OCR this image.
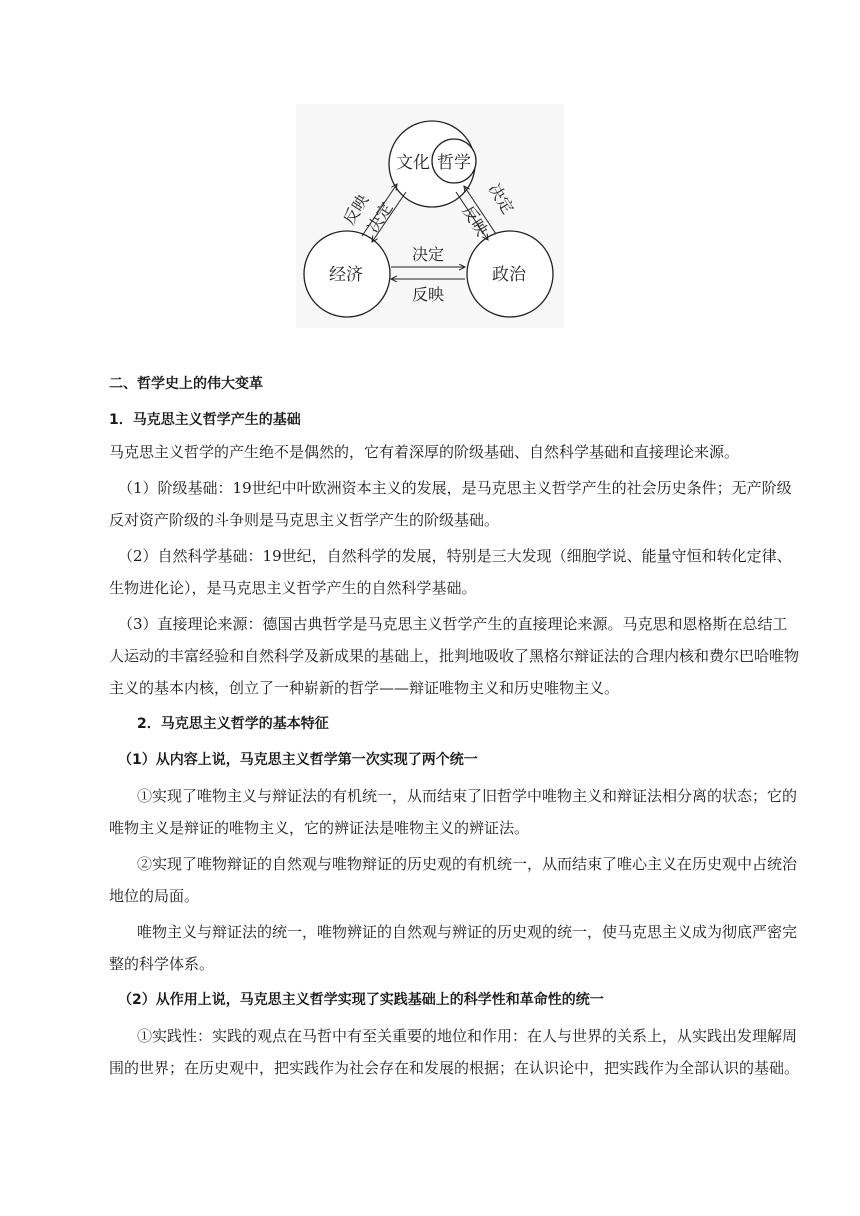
文化 哲学
经济	政治
反映
决定	反映
决定
决定
反映
二、哲学史上的伟大变革
1．马克思主义哲学产生的基础
马克思主义哲学的产生绝不是偶然的，它有着深厚的阶级基础、自然科学基础和直接理论来源。
（1）阶级基础：19世纪中叶欧洲资本主义的发展，是马克思主义哲学产生的社会历史条件；无产阶级
反对资产阶级的斗争则是马克思主义哲学产生的阶级基础。
（2）自然科学基础：19世纪，自然科学的发展，特别是三大发现（细胞学说、能量守恒和转化定律、
生物进化论），是马克思主义哲学产生的自然科学基础。
（3）直接理论来源：德国古典哲学是马克思主义哲学产生的直接理论来源。马克思和恩格斯在总结工
人运动的丰富经验和自然科学及新成果的基础上，批判地吸收了黑格尔辩证法的合理内核和费尔巴哈唯物
主义的基本内核，创立了一种崭新的哲学——辩证唯物主义和历史唯物主义。
2．马克思主义哲学的基本特征
（1）从内容上说，马克思主义哲学第一次实现了两个统一
①实现了唯物主义与辩证法的有机统一，从而结束了旧哲学中唯物主义和辩证法相分离的状态；它的
唯物主义是辩证的唯物主义，它的辨证法是唯物主义的辨证法。
②实现了唯物辩证的自然观与唯物辩证的历史观的有机统一，从而结束了唯心主义在历史观中占统治
地位的局面。
唯物主义与辩证法的统一，唯物辨证的自然观与辨证的历史观的统一，使马克思主义成为彻底严密完
整的科学体系。
（2）从作用上说，马克思主义哲学实现了实践基础上的科学性和革命性的统一
①实践性：实践的观点在马哲中有至关重要的地位和作用：在人与世界的关系上，从实践出发理解周
围的世界；在历史观中，把实践作为社会存在和发展的根据；在认识论中，把实践作为全部认识的基础。
